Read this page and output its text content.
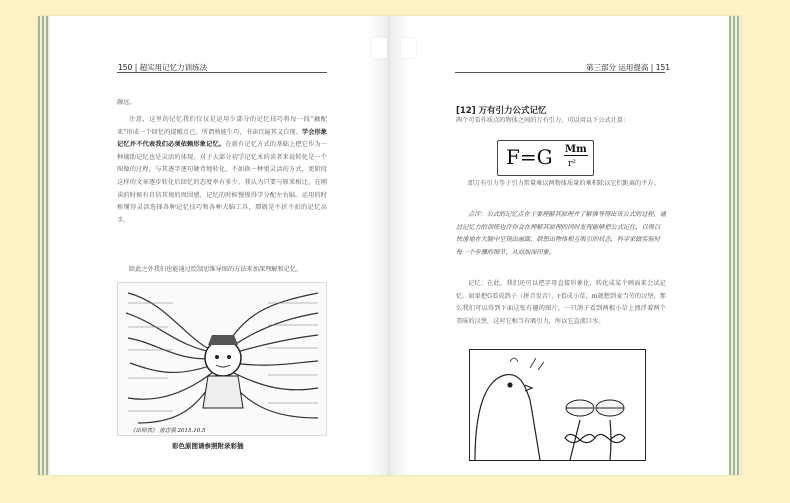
150 | 超实用记忆力训练法

融远。

注意，这里的记忆我们仅仅是运用少部分的记忆技巧将每一段“触配来”形成一个回忆的提醒点已。所谓熟能生巧，书读百遍其义自现。学会形象记忆并不代表我们必须依赖形象记忆。在新有记忆方式的基础上把它作为一种辅助记忆也是灵活的体现。对于大部分初学记忆术的读者来说转化是一个图像的过程，与其逐字逐句硬背地转化，不如换一种更灵活的方式，更阶段这样的文章逐步转化后回忆的态度率有多少。我认为只要与原来相比，在刚读的时候有自信其规的周围感，记忆的时候慢慢得学分配左右脑。运用的时候懂得灵活选择各种记忆技巧和各种大脑工具，那就是不折不扣的记忆高手。

除此之外我们也能通过绘制思维导图的方法来加深理解和记忆。

《出师表》 唐志强 2015.10.5
彩色原图请参照附录彩插
第三部分 运用提高 | 151
[12] 万有引力公式记忆

两个可看作质点的物体之间的万有引力，可以用以下公式计算：

F=G Mm
r²

即万有引力等于引力常量乘以两物体质量的乘积除以它们距离的平方。

点评：公式的记忆点在于要理解其原理并了解推导得出该公式的过程，通过记忆力的训练也许你会在理解其原理的同时发现能够把公式记住，以得以快速地在大脑中呈现出画面，联想出物体相互吸引的状态，科学家做实验时每一个步骤的细节，从而加深印象。

记忆：在此，我们还可以把字母直接形象化，转化成某个画面来会试记忆。如果把G看成鸽子（拼音发音），r看成小草，m就想到麦当劳的汉堡，那么我们可以得到下面这张有趣的图片，一只鸽子看到两根小草上漂浮着两个美味的汉堡，这对它相当有吸引力，所以它直流口水。
